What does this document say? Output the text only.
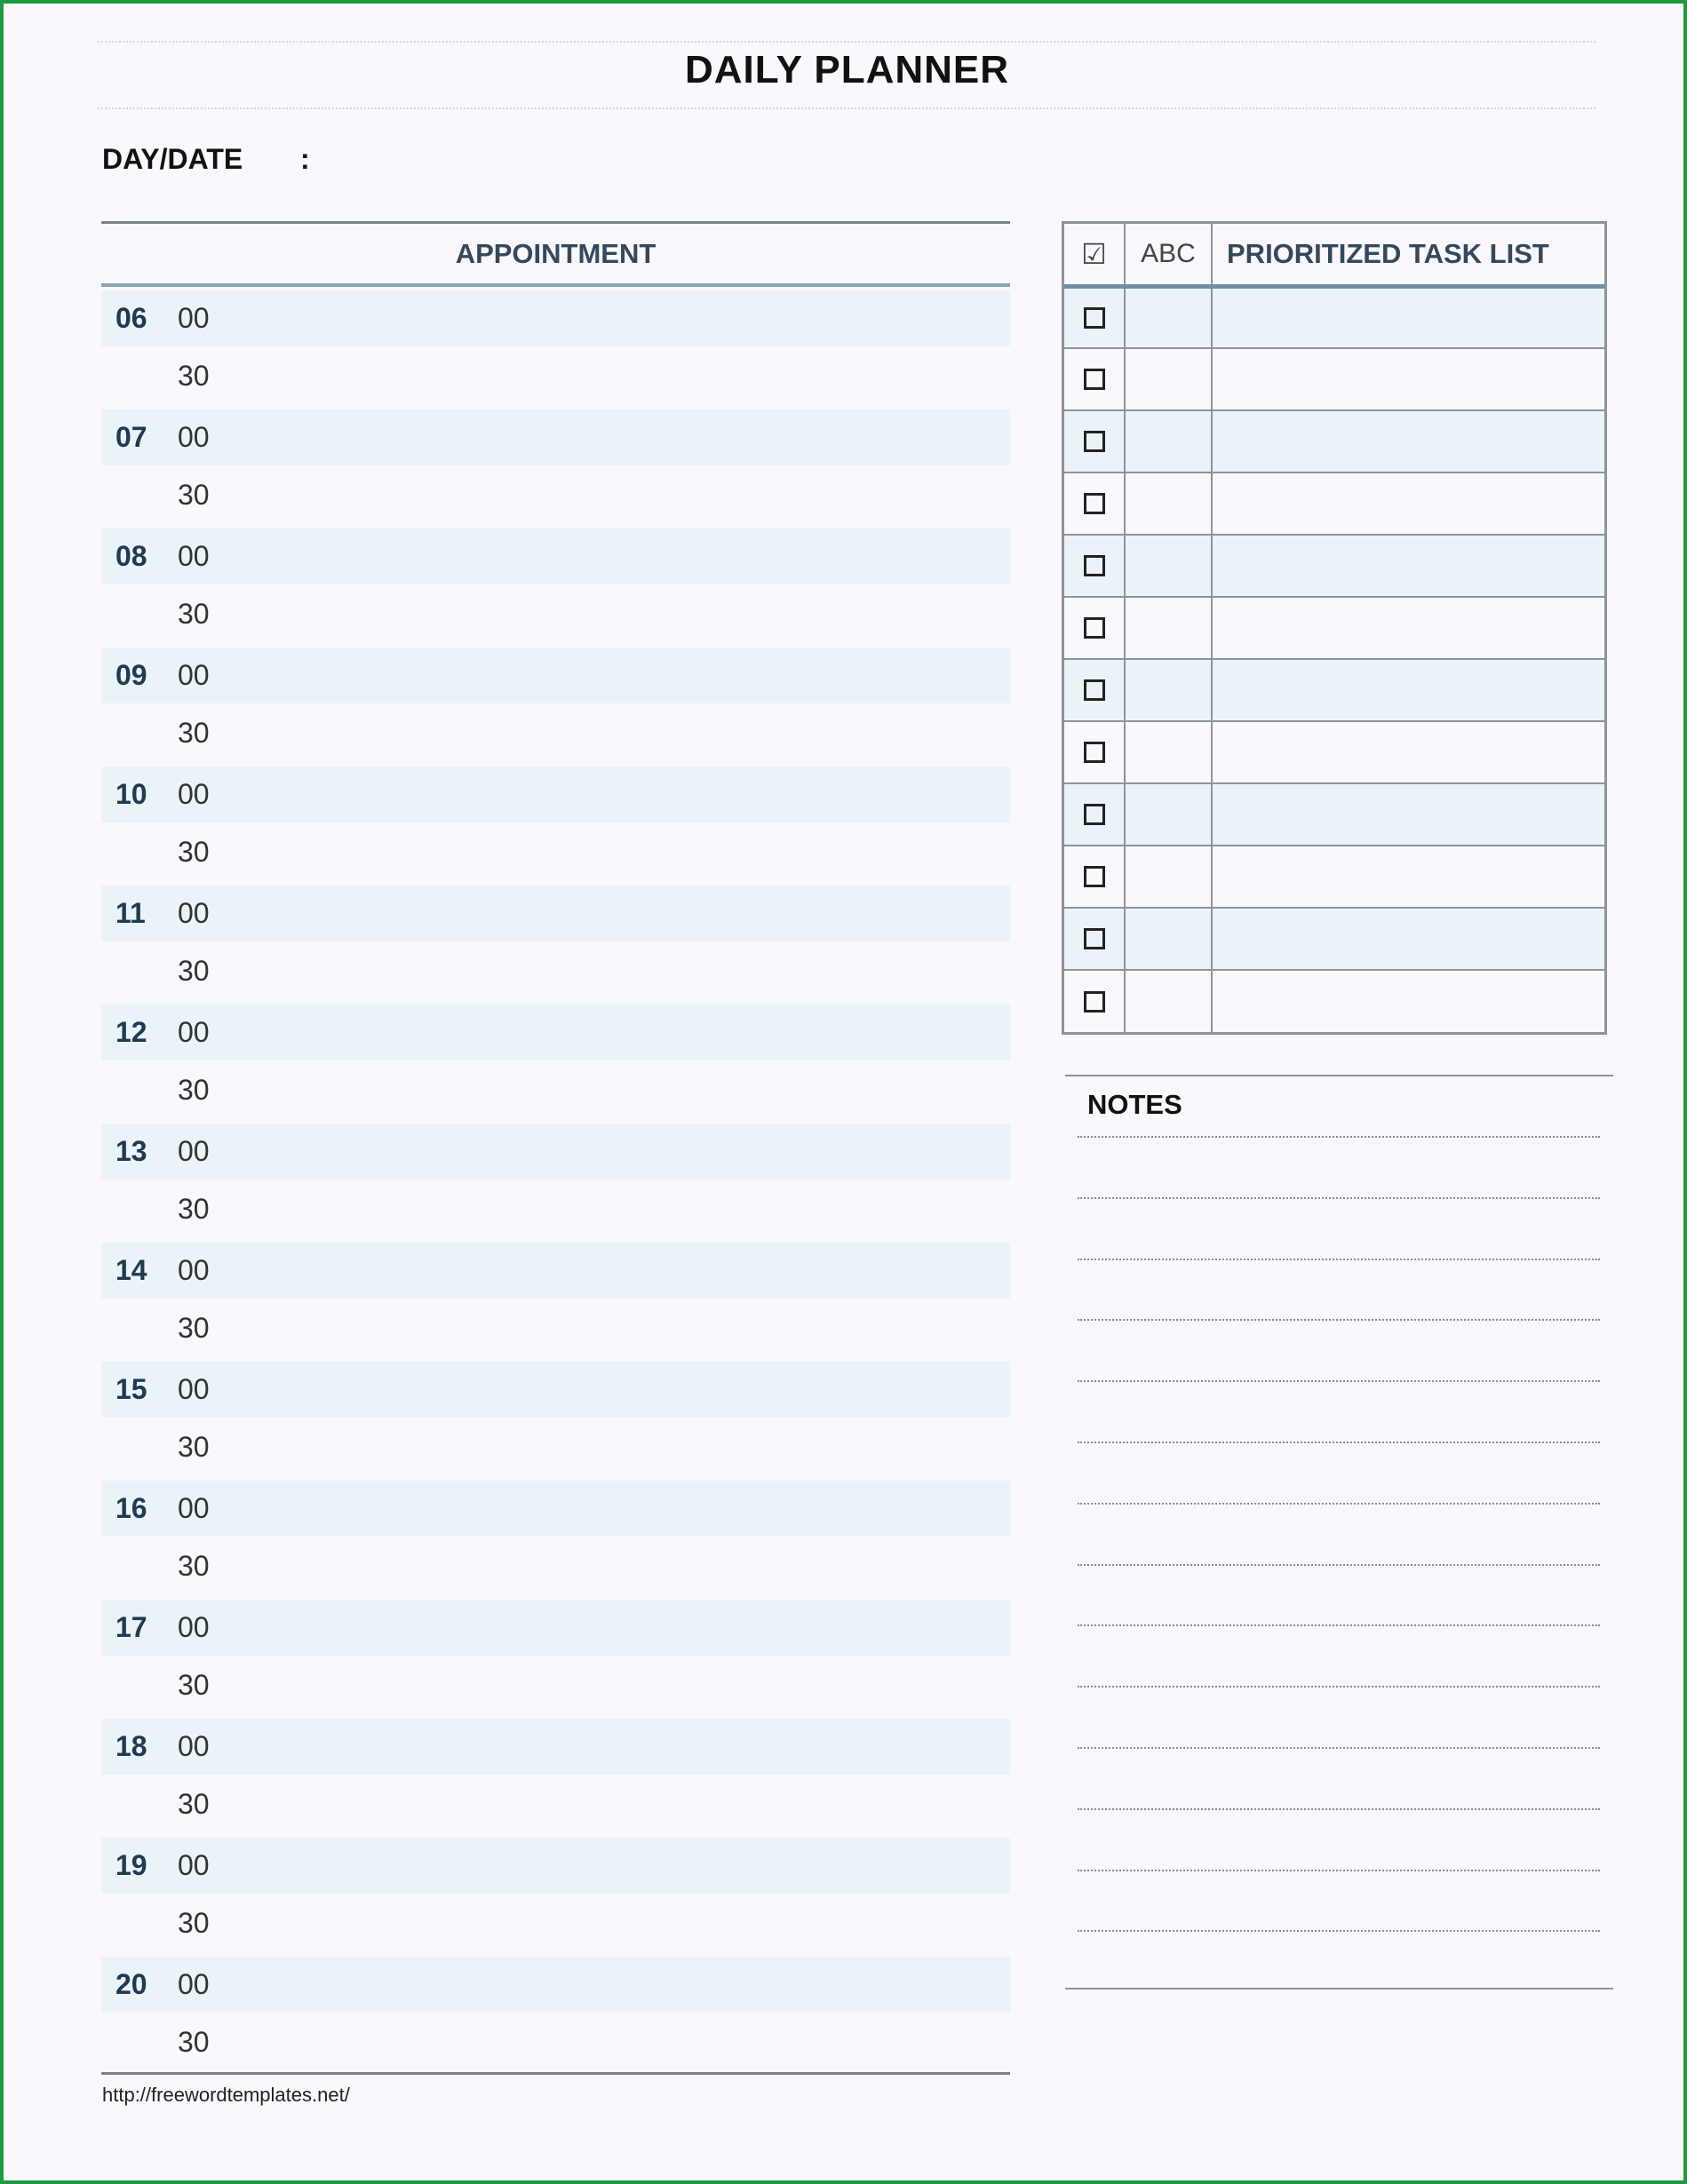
DAILY PLANNER
DAY/DATE :
APPOINTMENT
06 00
30
07 00
30
08 00
30
09 00
30
10 00
30
11 00
30
12 00
30
13 00
30
14 00
30
15 00
30
16 00
30
17 00
30
18 00
30
19 00
30
20 00
30
http://freewordtemplates.net/
☑	ABC	PRIORITIZED TASK LIST

NOTES
